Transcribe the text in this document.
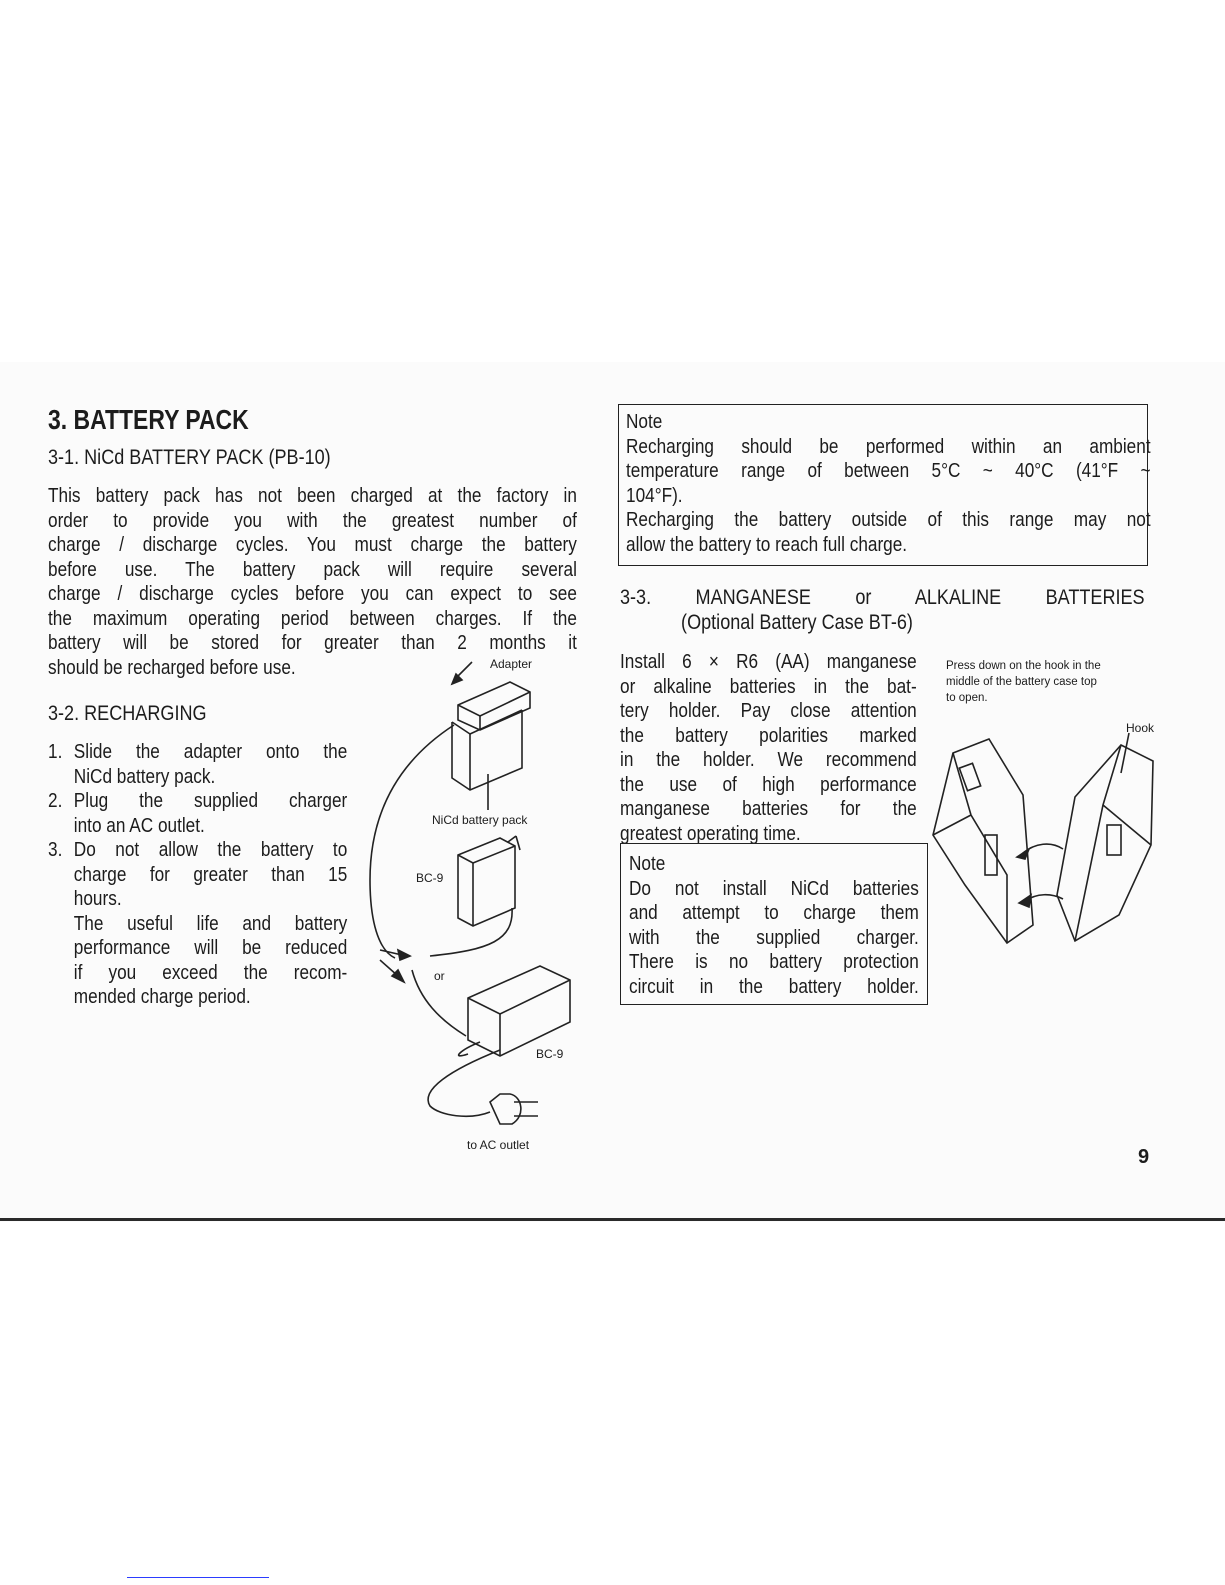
3. BATTERY PACK
3-1. NiCd BATTERY PACK (PB-10)
This battery pack has not been charged at the factory in
order to provide you with the greatest number of
charge / discharge cycles. You must charge the battery
before use. The battery pack will require several
charge / discharge cycles before you can expect to see
the maximum operating period between charges. If the
battery will be stored for greater than 2 months it
should be recharged before use.
3-2. RECHARGING
1. Slide the adapter onto the
NiCd battery pack.
2. Plug the supplied charger
into an AC outlet.
3. Do not allow the battery to
charge for greater than 15
hours.
The useful life and battery
performance will be reduced
if you exceed the recom-
mended charge period.
Adapter
NiCd battery pack
BC-9
or
BC-9
to AC outlet
Note
Recharging should be performed within an ambient
temperature range of between 5°C ~ 40°C (41°F ~
104°F).
Recharging the battery outside of this range may not
allow the battery to reach full charge.
3-3. MANGANESE or ALKALINE BATTERIES
(Optional Battery Case BT-6)
Install 6 × R6 (AA) manganese
or alkaline batteries in the bat-
tery holder. Pay close attention
the battery polarities marked
in the holder. We recommend
the use of high performance
manganese batteries for the
greatest operating time.
Note
Do not install NiCd batteries
and attempt to charge them
with the supplied charger.
There is no battery protection
circuit in the battery holder.
Press down on the hook in the
middle of the battery case top
to open.
Hook
9
